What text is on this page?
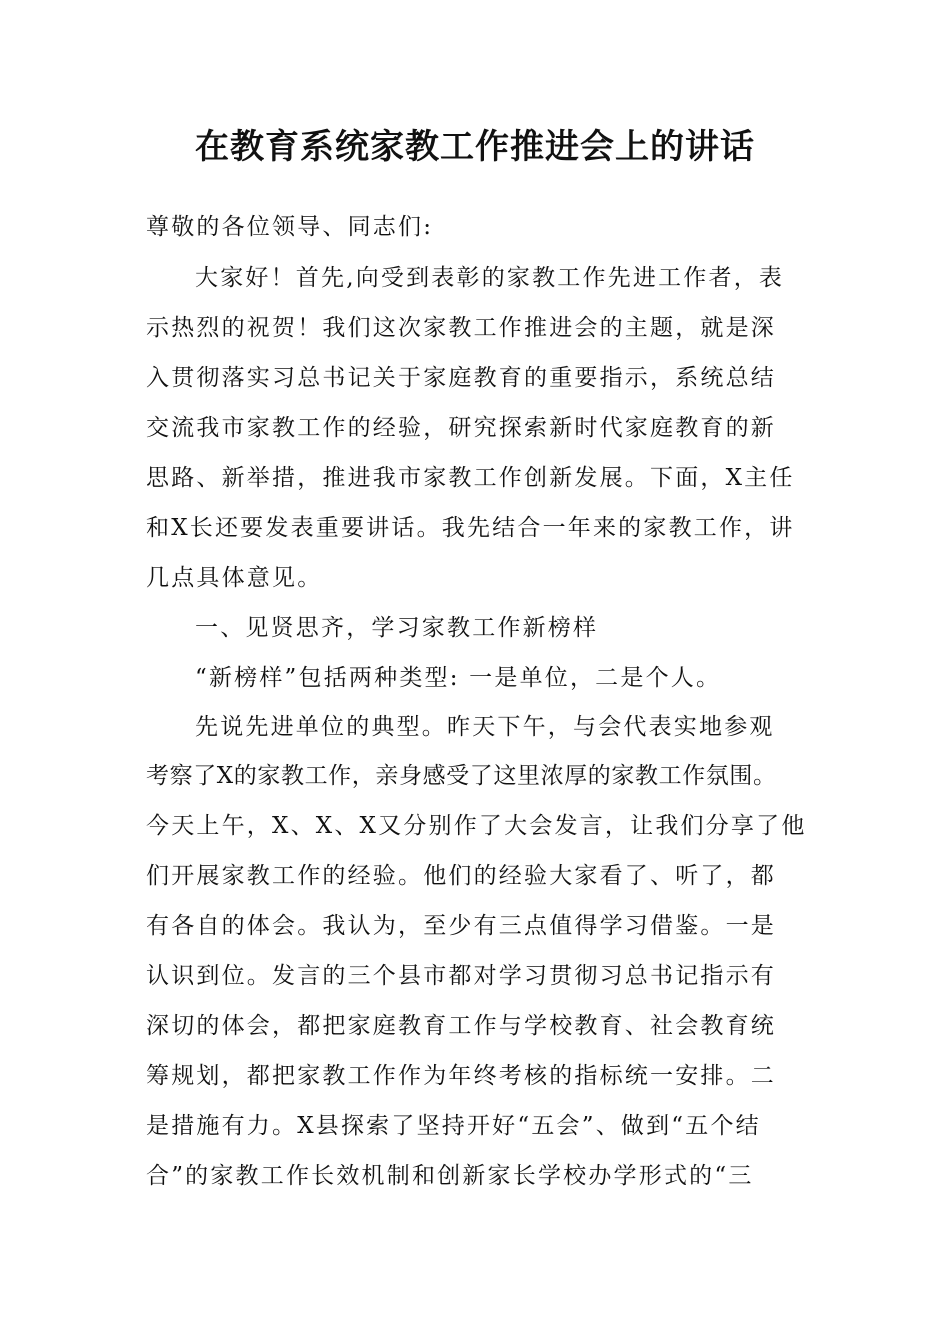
在教育系统家教工作推进会上的讲话
尊敬的各位领导、同志们:
大家好！首先,向受到表彰的家教工作先进工作者，表
示热烈的祝贺！我们这次家教工作推进会的主题，就是深
入贯彻落实习总书记关于家庭教育的重要指示，系统总结
交流我市家教工作的经验，研究探索新时代家庭教育的新
思路、新举措，推进我市家教工作创新发展。下面，X主任
和X长还要发表重要讲话。我先结合一年来的家教工作，讲
几点具体意见。
一、见贤思齐，学习家教工作新榜样
“新榜样”包括两种类型: 一是单位，二是个人。
先说先进单位的典型。昨天下午，与会代表实地参观
考察了X的家教工作，亲身感受了这里浓厚的家教工作氛围。
今天上午，X、X、X又分别作了大会发言，让我们分享了他
们开展家教工作的经验。他们的经验大家看了、听了，都
有各自的体会。我认为，至少有三点值得学习借鉴。一是
认识到位。发言的三个县市都对学习贯彻习总书记指示有
深切的体会，都把家庭教育工作与学校教育、社会教育统
筹规划，都把家教工作作为年终考核的指标统一安排。二
是措施有力。X县探索了坚持开好“五会”、做到“五个结
合”的家教工作长效机制和创新家长学校办学形式的“三
